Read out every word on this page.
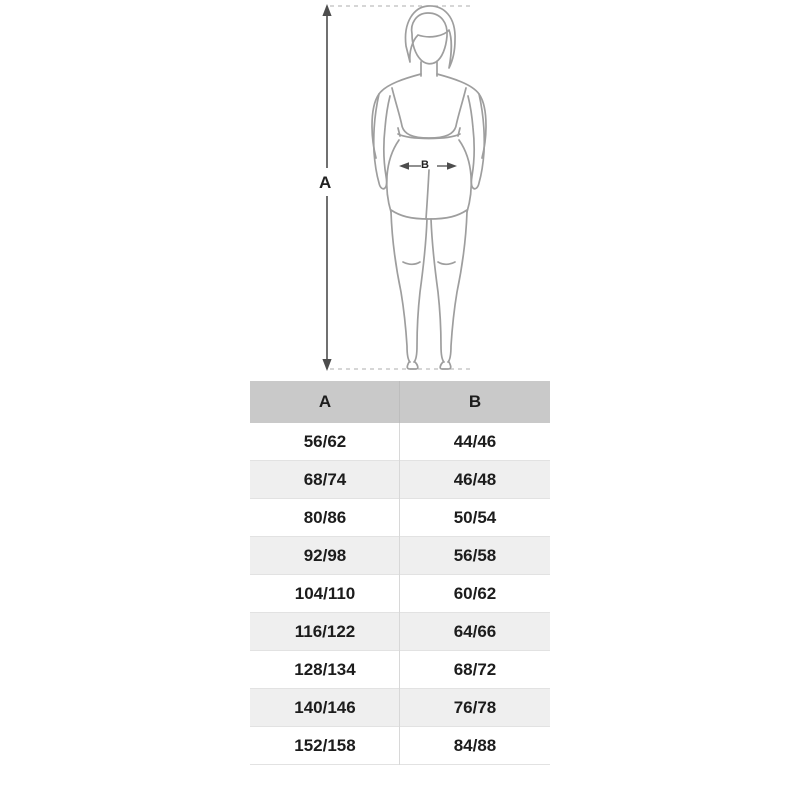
A
B
A	B
56/62	44/46
68/74	46/48
80/86	50/54
92/98	56/58
104/110	60/62
116/122	64/66
128/134	68/72
140/146	76/78
152/158	84/88
